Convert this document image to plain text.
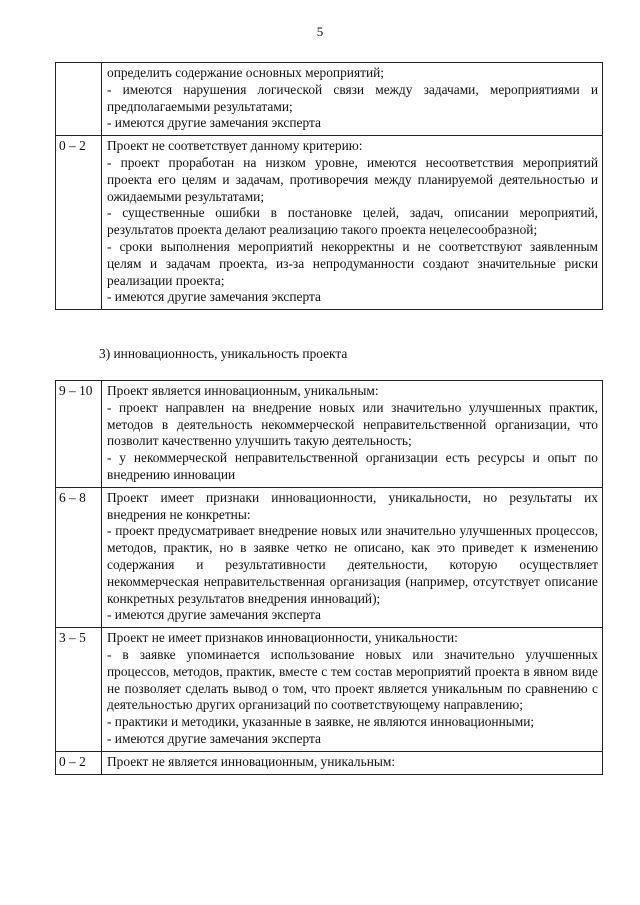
5

	определить содержание основных мероприятий;
- имеются нарушения логической связи между задачами, мероприятиями и предполагаемыми результатами;
- имеются другие замечания эксперта

0 – 2	Проект не соответствует данному критерию:
- проект проработан на низком уровне, имеются несоответствия мероприятий проекта его целям и задачам, противоречия между планируемой деятельностью и ожидаемыми результатами;
- существенные ошибки в постановке целей, задач, описании мероприятий, результатов проекта делают реализацию такого проекта нецелесообразной;
- сроки выполнения мероприятий некорректны и не соответствуют заявленным целям и задачам проекта, из-за непродуманности создают значительные риски реализации проекта;
- имеются другие замечания эксперта
3) инновационность, уникальность проекта
9 – 10	Проект является инновационным, уникальным:
- проект направлен на внедрение новых или значительно улучшенных практик, методов в деятельность некоммерческой неправительственной организации, что позволит качественно улучшить такую деятельность;
- у некоммерческой неправительственной организации есть ресурсы и опыт по внедрению инновации

6 – 8	Проект имеет признаки инновационности, уникальности, но результаты их внедрения не конкретны:
- проект предусматривает внедрение новых или значительно улучшенных процессов, методов, практик, но в заявке четко не описано, как это приведет к изменению содержания и результативности деятельности, которую осуществляет некоммерческая неправительственная организация (например, отсутствует описание конкретных результатов внедрения инноваций);
- имеются другие замечания эксперта

3 – 5	Проект не имеет признаков инновационности, уникальности:
- в заявке упоминается использование новых или значительно улучшенных процессов, методов, практик, вместе с тем состав мероприятий проекта в явном виде не позволяет сделать вывод о том, что проект является уникальным по сравнению с деятельностью других организаций по соответствующему направлению;
- практики и методики, указанные в заявке, не являются инновационными;
- имеются другие замечания эксперта

0 – 2	Проект не является инновационным, уникальным:
